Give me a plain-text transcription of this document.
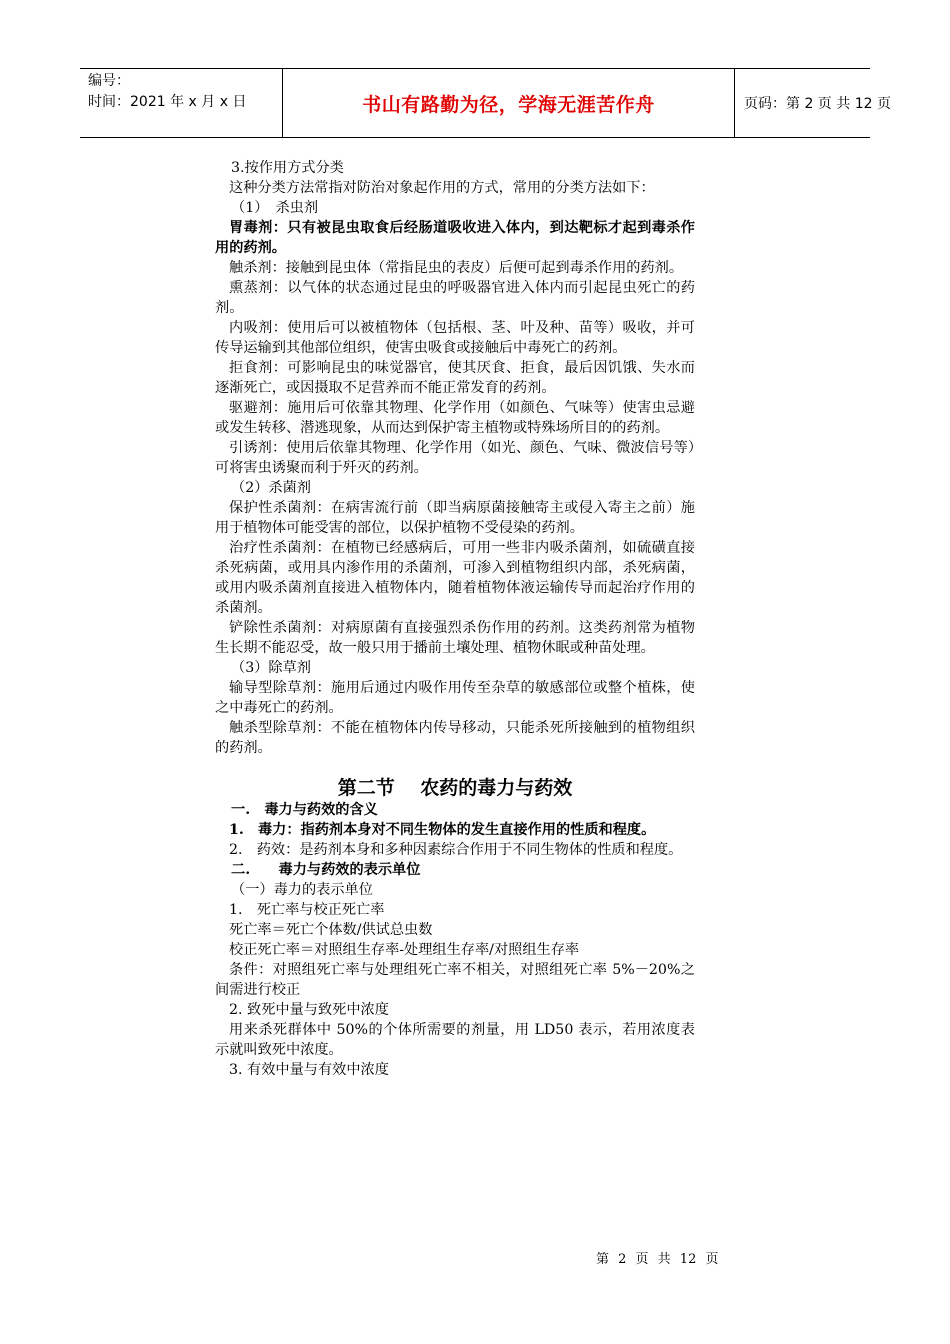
编号：
时间：2021 年 x 月 x 日	书山有路勤为径，学海无涯苦作舟	页码：第 2 页 共 12 页

3.按作用方式分类

这种分类方法常指对防治对象起作用的方式，常用的分类方法如下：

（1）　杀虫剂

胃毒剂：只有被昆虫取食后经肠道吸收进入体内，到达靶标才起到毒杀作用的药剂。

触杀剂：接触到昆虫体（常指昆虫的表皮）后便可起到毒杀作用的药剂。

熏蒸剂：以气体的状态通过昆虫的呼吸器官进入体内而引起昆虫死亡的药剂。

内吸剂：使用后可以被植物体（包括根、茎、叶及种、苗等）吸收，并可传导运输到其他部位组织，使害虫吸食或接触后中毒死亡的药剂。

拒食剂：可影响昆虫的味觉器官，使其厌食、拒食，最后因饥饿、失水而逐渐死亡，或因摄取不足营养而不能正常发育的药剂。

驱避剂：施用后可依靠其物理、化学作用（如颜色、气味等）使害虫忌避或发生转移、潜逃现象，从而达到保护寄主植物或特殊场所目的的药剂。

引诱剂：使用后依靠其物理、化学作用（如光、颜色、气味、微波信号等）可将害虫诱聚而利于歼灭的药剂。

（2）杀菌剂

保护性杀菌剂：在病害流行前（即当病原菌接触寄主或侵入寄主之前）施用于植物体可能受害的部位，以保护植物不受侵染的药剂。

治疗性杀菌剂：在植物已经感病后，可用一些非内吸杀菌剂，如硫磺直接杀死病菌，或用具内渗作用的杀菌剂，可渗入到植物组织内部，杀死病菌，或用内吸杀菌剂直接进入植物体内，随着植物体液运输传导而起治疗作用的杀菌剂。

铲除性杀菌剂：对病原菌有直接强烈杀伤作用的药剂。这类药剂常为植物生长期不能忍受，故一般只用于播前土壤处理、植物休眠或种苗处理。

（3）除草剂

输导型除草剂：施用后通过内吸作用传至杂草的敏感部位或整个植株，使之中毒死亡的药剂。

触杀型除草剂：不能在植物体内传导移动，只能杀死所接触到的植物组织的药剂。

第二节　 农药的毒力与药效

一.　毒力与药效的含义

1.　毒力：指药剂本身对不同生物体的发生直接作用的性质和程度。

2.　药效：是药剂本身和多种因素综合作用于不同生物体的性质和程度。

二.　　毒力与药效的表示单位

（一）毒力的表示单位

1.　死亡率与校正死亡率

死亡率＝死亡个体数/供试总虫数

校正死亡率＝对照组生存率-处理组生存率/对照组生存率

条件：对照组死亡率与处理组死亡率不相关，对照组死亡率 5%－20%之间需进行校正

2. 致死中量与致死中浓度

用来杀死群体中 50%的个体所需要的剂量，用 LD50 表示，若用浓度表示就叫致死中浓度。

3. 有效中量与有效中浓度

第 2 页 共 12 页
